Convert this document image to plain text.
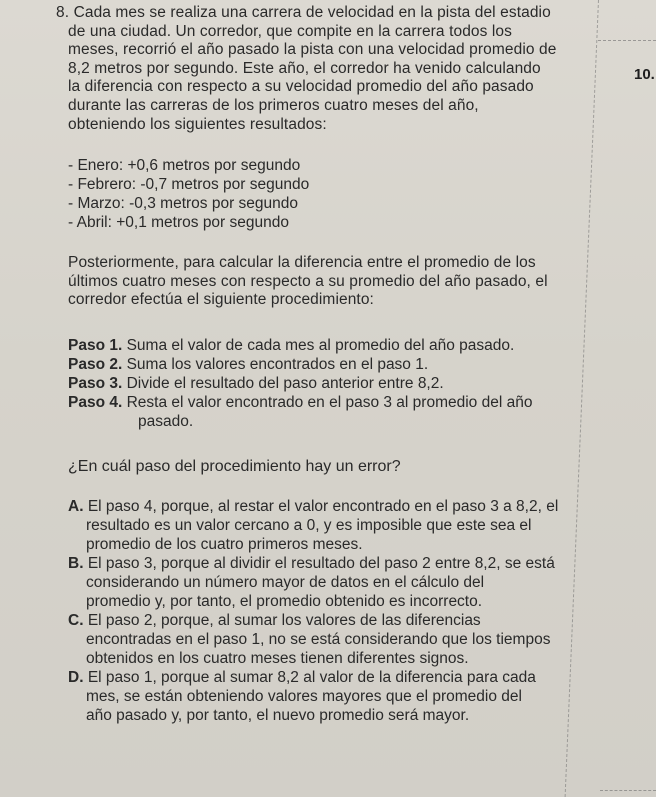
10.
8. Cada mes se realiza una carrera de velocidad en la pista del estadio
de una ciudad. Un corredor, que compite en la carrera todos los
meses, recorrió el año pasado la pista con una velocidad promedio de
8,2 metros por segundo. Este año, el corredor ha venido calculando
la diferencia con respecto a su velocidad promedio del año pasado
durante las carreras de los primeros cuatro meses del año,
obteniendo los siguientes resultados:
- Enero: +0,6 metros por segundo
- Febrero: -0,7 metros por segundo
- Marzo: -0,3 metros por segundo
- Abril: +0,1 metros por segundo
Posteriormente, para calcular la diferencia entre el promedio de los
últimos cuatro meses con respecto a su promedio del año pasado, el
corredor efectúa el siguiente procedimiento:
Paso 1. Suma el valor de cada mes al promedio del año pasado.
Paso 2. Suma los valores encontrados en el paso 1.
Paso 3. Divide el resultado del paso anterior entre 8,2.
Paso 4. Resta el valor encontrado en el paso 3 al promedio del año
pasado.
¿En cuál paso del procedimiento hay un error?
A. El paso 4, porque, al restar el valor encontrado en el paso 3 a 8,2, el
resultado es un valor cercano a 0, y es imposible que este sea el
promedio de los cuatro primeros meses.
B. El paso 3, porque al dividir el resultado del paso 2 entre 8,2, se está
considerando un número mayor de datos en el cálculo del
promedio y, por tanto, el promedio obtenido es incorrecto.
C. El paso 2, porque, al sumar los valores de las diferencias
encontradas en el paso 1, no se está considerando que los tiempos
obtenidos en los cuatro meses tienen diferentes signos.
D. El paso 1, porque al sumar 8,2 al valor de la diferencia para cada
mes, se están obteniendo valores mayores que el promedio del
año pasado y, por tanto, el nuevo promedio será mayor.
